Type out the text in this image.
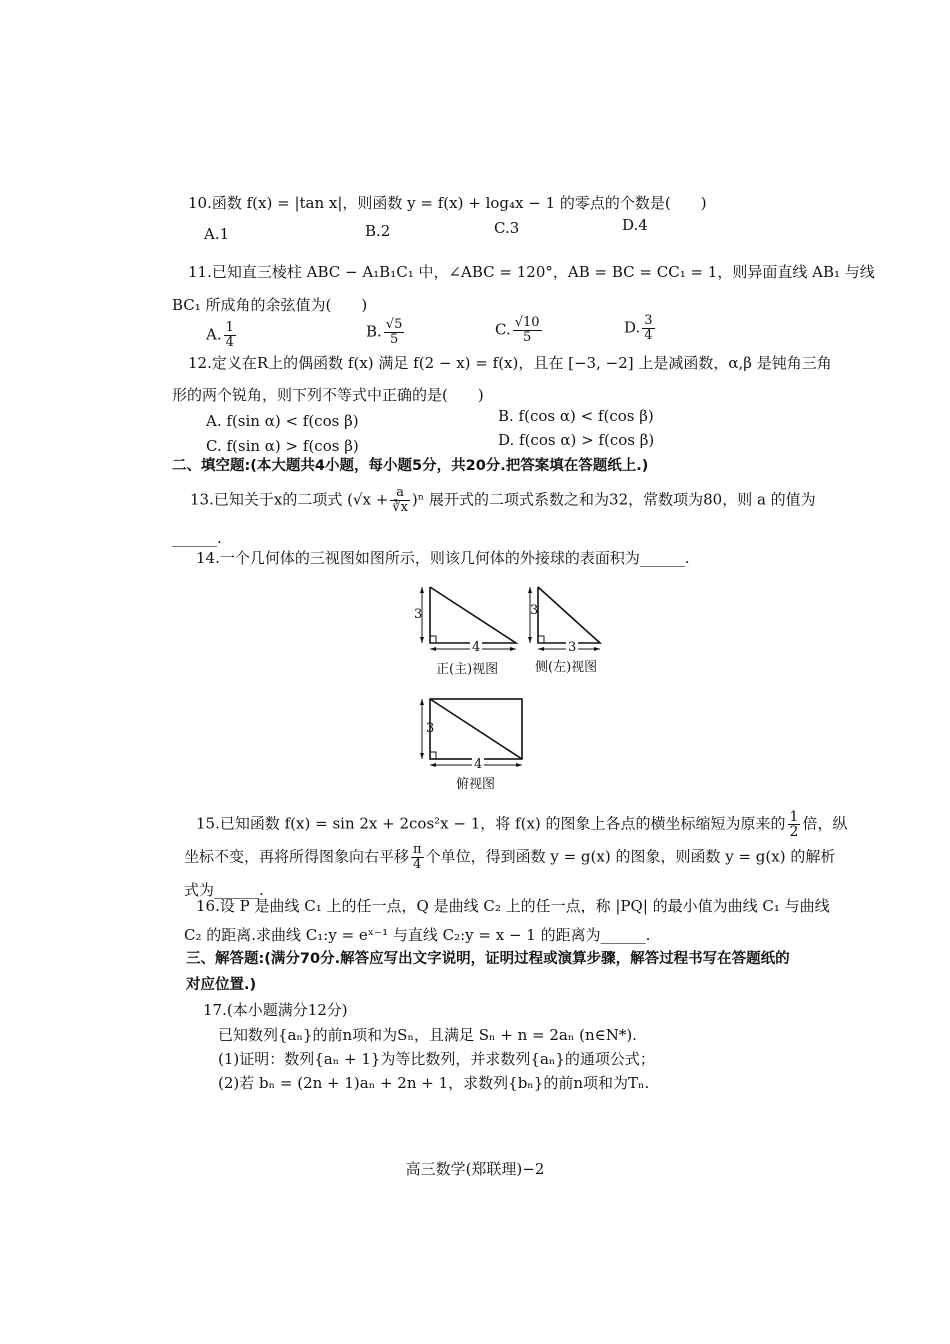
10.函数 f(x) = |tan x|，则函数 y = f(x) + log₄x − 1 的零点的个数是(　　)
A.1	B.2	C.3	D.4
11.已知直三棱柱 ABC − A₁B₁C₁ 中，∠ABC = 120°，AB = BC = CC₁ = 1，则异面直线 AB₁ 与线
BC₁ 所成角的余弦值为(　　)
A. $\frac{1}{4}$	B. $\frac{√5}{5}$	C. $\frac{√10}{5}$	D. $\frac{3}{4}$
12.定义在R上的偶函数 f(x) 满足 f(2 − x) = f(x)，且在 [−3, −2] 上是减函数，α,β 是钝角三角
形的两个锐角，则下列不等式中正确的是(　　)
A. f(sin α) < f(cos β)	B. f(cos α) < f(cos β)
C. f(sin α) > f(cos β)	D. f(cos α) > f(cos β)
二、填空题:(本大题共4小题，每小题5分，共20分.把答案填在答题纸上.)
13.已知关于x的二项式 $(√x + \frac{a}{∛x} )^n$ 展开式的二项式系数之和为32，常数项为80，则 a 的值为
______.
14.一个几何体的三视图如图所示，则该几何体的外接球的表面积为______.
3
4
正(主)视图
3
3
侧(左)视图
3
4
俯视图
15.已知函数 f(x) = sin 2x + 2cos²x − 1，将 f(x) 的图象上各点的横坐标缩短为原来的 $\frac{1}{2}$ 倍，纵
坐标不变，再将所得图象向右平移 $\frac{\pi}{4}$ 个单位，得到函数 y = g(x) 的图象，则函数 y = g(x) 的解析
式为______.
16.设 P 是曲线 C₁ 上的任一点，Q 是曲线 C₂ 上的任一点，称 |PQ| 的最小值为曲线 C₁ 与曲线
C₂ 的距离.求曲线 C₁:y = eˣ⁻¹ 与直线 C₂:y = x − 1 的距离为______.
三、解答题:(满分70分.解答应写出文字说明，证明过程或演算步骤，解答过程书写在答题纸的
对应位置.)
17.(本小题满分12分)
已知数列{aₙ}的前n项和为Sₙ，且满足 Sₙ + n = 2aₙ (n∈N*).
(1)证明：数列{aₙ + 1}为等比数列，并求数列{aₙ}的通项公式；
(2)若 bₙ = (2n + 1)aₙ + 2n + 1，求数列{bₙ}的前n项和为Tₙ.
高三数学(郑联理)−2
